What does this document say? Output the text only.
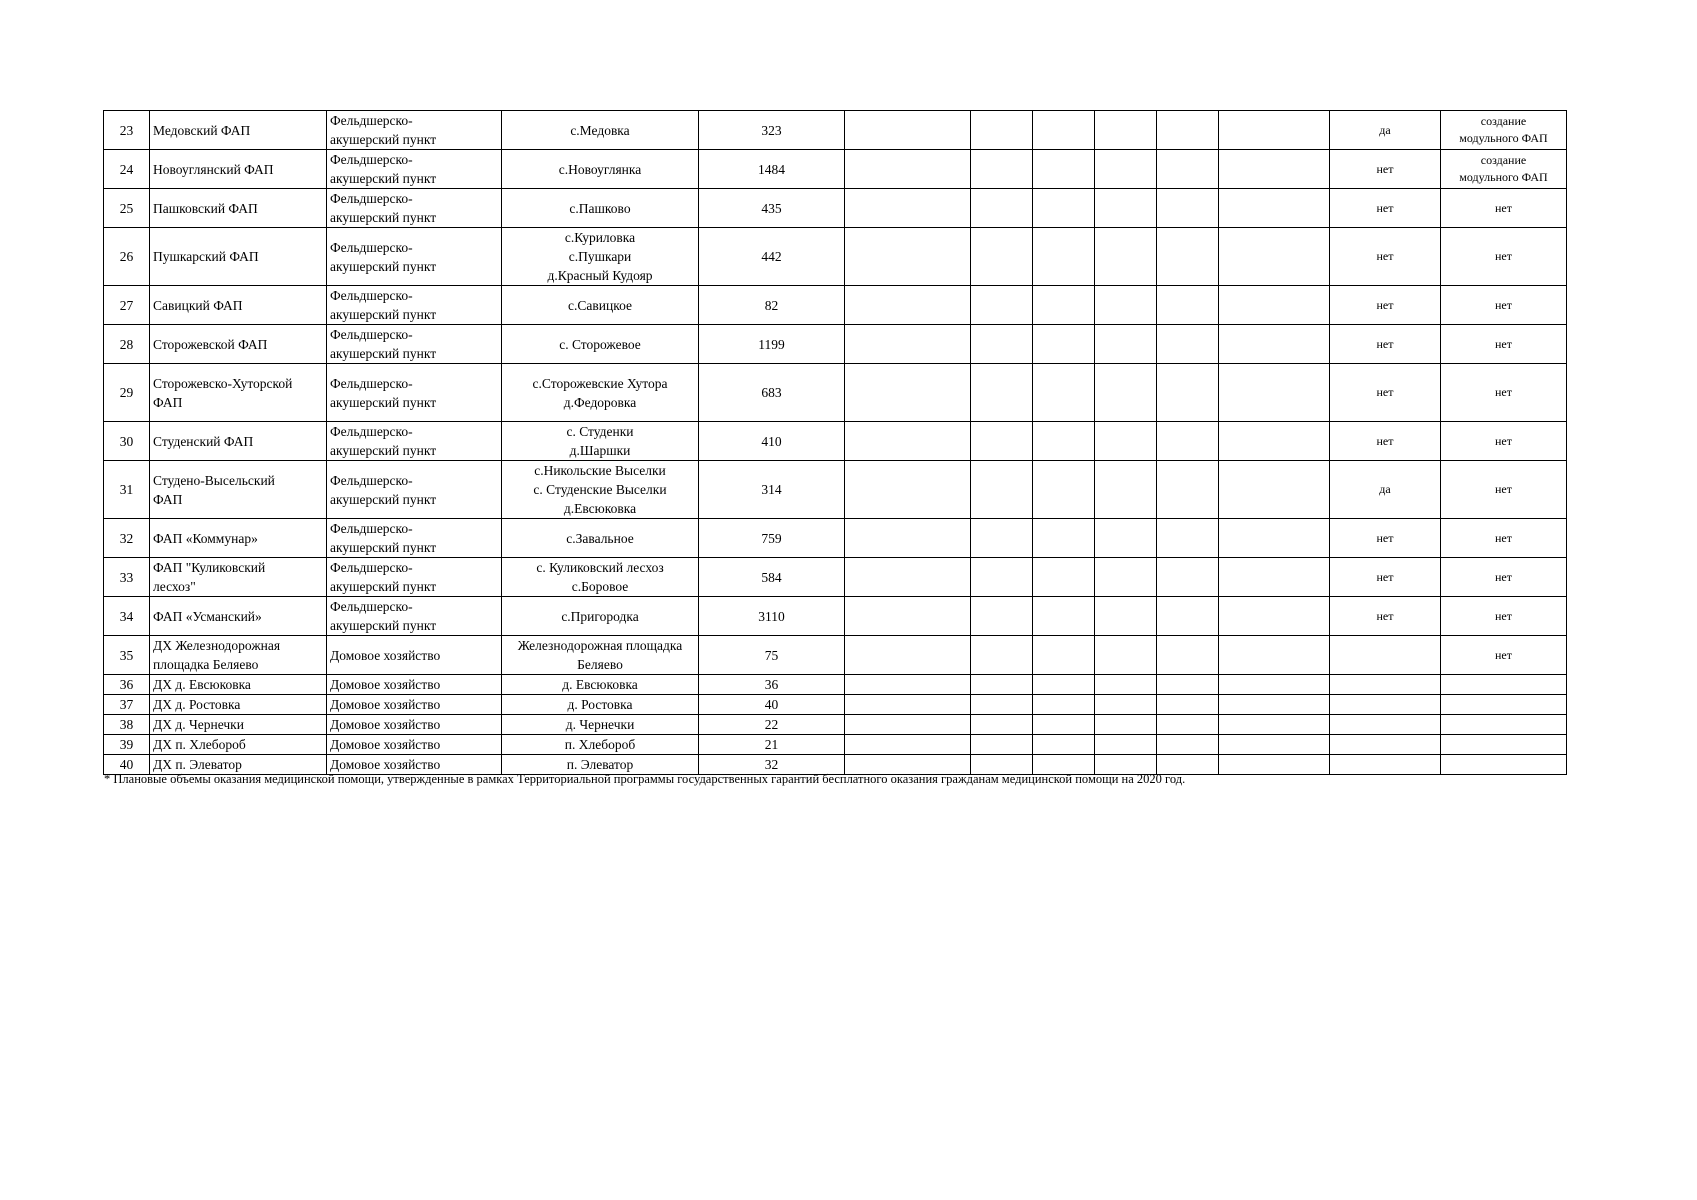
23	Медовский ФАП	Фельдшерско-
акушерский пункт	с.Медовка	323							да	создание
модульного ФАП
24	Новоуглянский ФАП	Фельдшерско-
акушерский пункт	с.Новоуглянка	1484							нет	создание
модульного ФАП
25	Пашковский ФАП	Фельдшерско-
акушерский пункт	с.Пашково	435							нет	нет
26	Пушкарский ФАП	Фельдшерско-
акушерский пункт	с.Куриловка
с.Пушкари
д.Красный Кудояр	442							нет	нет
27	Савицкий ФАП	Фельдшерско-
акушерский пункт	с.Савицкое	82							нет	нет
28	Сторожевской ФАП	Фельдшерско-
акушерский пункт	с. Сторожевое	1199							нет	нет
29	Сторожевско-Хуторской
ФАП	Фельдшерско-
акушерский пункт	с.Сторожевские Хутора
д.Федоровка	683							нет	нет
30	Студенский ФАП	Фельдшерско-
акушерский пункт	с. Студенки
д.Шаршки	410							нет	нет
31	Студено-Высельский
ФАП	Фельдшерско-
акушерский пункт	с.Никольские Выселки
с. Студенские Выселки
д.Евсюковка	314							да	нет
32	ФАП «Коммунар»	Фельдшерско-
акушерский пункт	с.Завальное	759							нет	нет
33	ФАП "Куликовский
лесхоз"	Фельдшерско-
акушерский пункт	с. Куликовский лесхоз
с.Боровое	584							нет	нет
34	ФАП «Усманский»	Фельдшерско-
акушерский пункт	с.Пригородка	3110							нет	нет
35	ДХ Железнодорожная
площадка Беляево	Домовое хозяйство	Железнодорожная площадка
Беляево	75								нет
36	ДХ д. Евсюковка	Домовое хозяйство	д. Евсюковка	36								
37	ДХ д. Ростовка	Домовое хозяйство	д. Ростовка	40								
38	ДХ д. Чернечки	Домовое хозяйство	д. Чернечки	22								
39	ДХ п. Хлебороб	Домовое хозяйство	п. Хлебороб	21								
40	ДХ п. Элеватор	Домовое хозяйство	п. Элеватор	32								
* Плановые объемы оказания медицинской помощи, утвержденные в рамках Территориальной программы государственных гарантий бесплатного оказания гражданам медицинской помощи на 2020 год.
